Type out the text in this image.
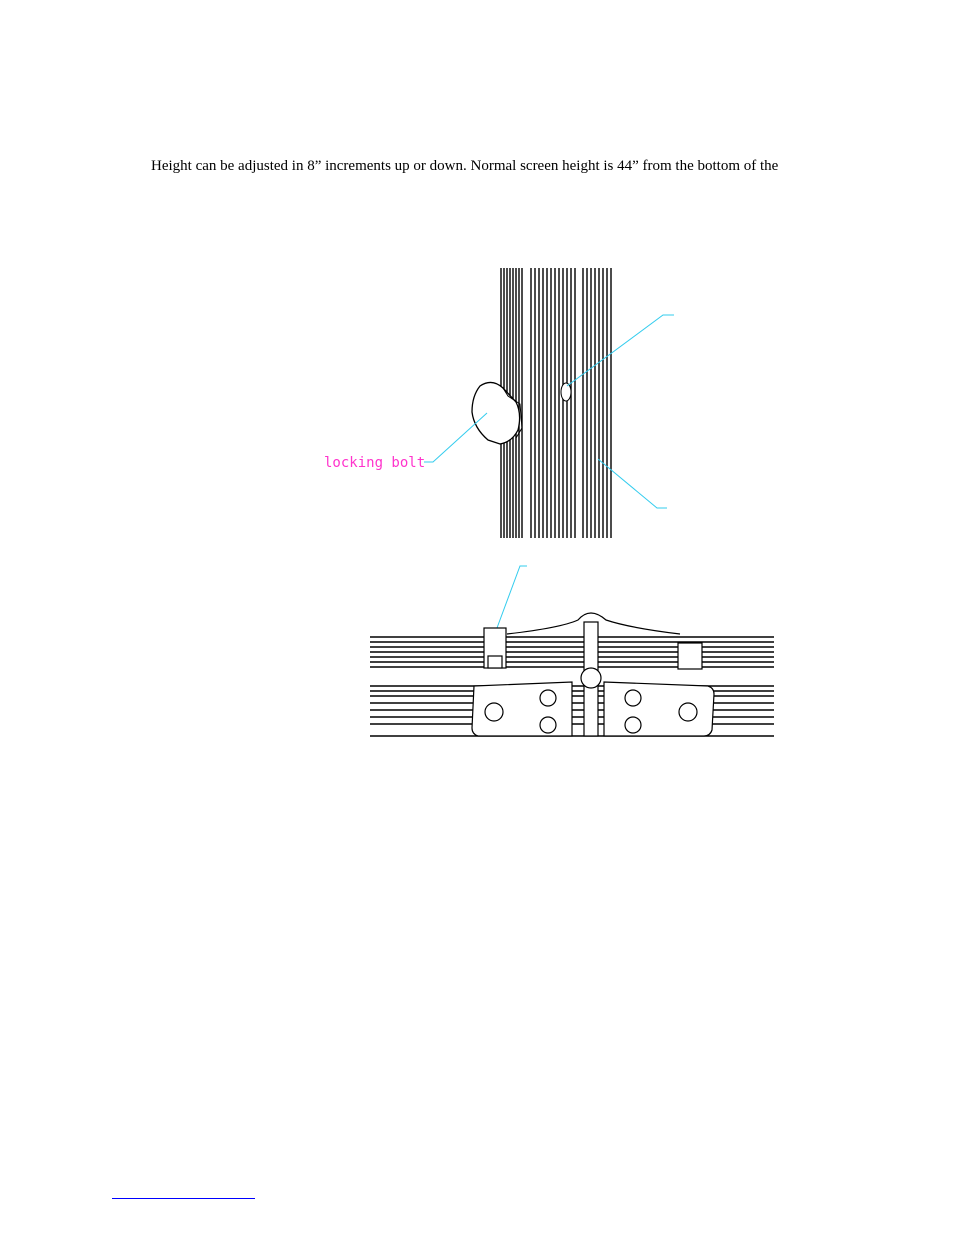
Height can be adjusted in 8” increments up or down. Normal screen height is 44” from the bottom of the
locking bolt
